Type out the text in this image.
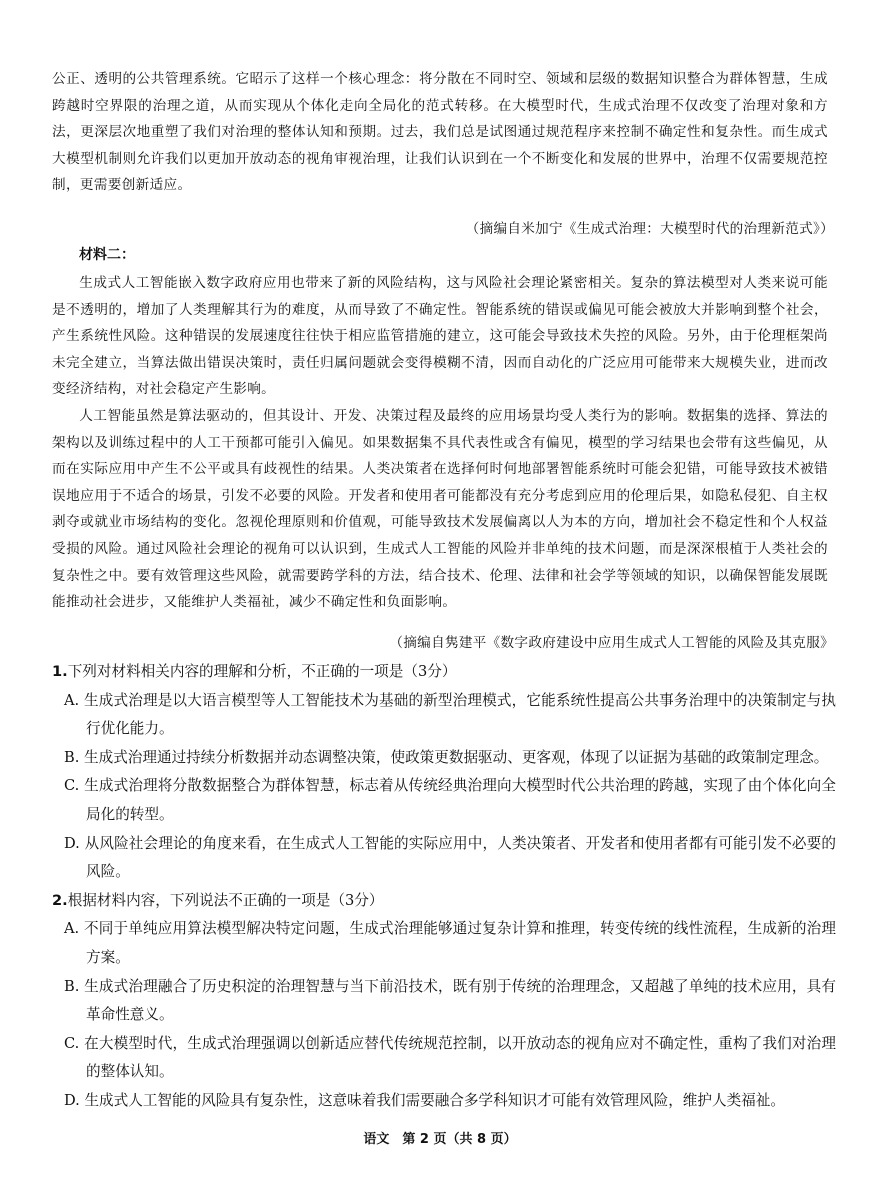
公正、透明的公共管理系统。它昭示了这样一个核心理念：将分散在不同时空、领域和层级的数据知识整合为群体智慧，生成跨越时空界限的治理之道，从而实现从个体化走向全局化的范式转移。在大模型时代，生成式治理不仅改变了治理对象和方法，更深层次地重塑了我们对治理的整体认知和预期。过去，我们总是试图通过规范程序来控制不确定性和复杂性。而生成式大模型机制则允许我们以更加开放动态的视角审视治理，让我们认识到在一个不断变化和发展的世界中，治理不仅需要规范控制，更需要创新适应。

（摘编自米加宁《生成式治理：大模型时代的治理新范式》）
材料二：

生成式人工智能嵌入数字政府应用也带来了新的风险结构，这与风险社会理论紧密相关。复杂的算法模型对人类来说可能是不透明的，增加了人类理解其行为的难度，从而导致了不确定性。智能系统的错误或偏见可能会被放大并影响到整个社会，产生系统性风险。这种错误的发展速度往往快于相应监管措施的建立，这可能会导致技术失控的风险。另外，由于伦理框架尚未完全建立，当算法做出错误决策时，责任归属问题就会变得模糊不清，因而自动化的广泛应用可能带来大规模失业，进而改变经济结构，对社会稳定产生影响。

人工智能虽然是算法驱动的，但其设计、开发、决策过程及最终的应用场景均受人类行为的影响。数据集的选择、算法的架构以及训练过程中的人工干预都可能引入偏见。如果数据集不具代表性或含有偏见，模型的学习结果也会带有这些偏见，从而在实际应用中产生不公平或具有歧视性的结果。人类决策者在选择何时何地部署智能系统时可能会犯错，可能导致技术被错误地应用于不适合的场景，引发不必要的风险。开发者和使用者可能都没有充分考虑到应用的伦理后果，如隐私侵犯、自主权剥夺或就业市场结构的变化。忽视伦理原则和价值观，可能导致技术发展偏离以人为本的方向，增加社会不稳定性和个人权益受损的风险。通过风险社会理论的视角可以认识到，生成式人工智能的风险并非单纯的技术问题，而是深深根植于人类社会的复杂性之中。要有效管理这些风险，就需要跨学科的方法，结合技术、伦理、法律和社会学等领域的知识，以确保智能发展既能推动社会进步，又能维护人类福祉，减少不确定性和负面影响。

（摘编自隽建平《数字政府建设中应用生成式人工智能的风险及其克服》

1.下列对材料相关内容的理解和分析，不正确的一项是（3分）

A. 生成式治理是以大语言模型等人工智能技术为基础的新型治理模式，它能系统性提高公共事务治理中的决策制定与执行优化能力。

B. 生成式治理通过持续分析数据并动态调整决策，使政策更数据驱动、更客观，体现了以证据为基础的政策制定理念。

C. 生成式治理将分散数据整合为群体智慧，标志着从传统经典治理向大模型时代公共治理的跨越，实现了由个体化向全局化的转型。

D. 从风险社会理论的角度来看，在生成式人工智能的实际应用中，人类决策者、开发者和使用者都有可能引发不必要的风险。

2.根据材料内容，下列说法不正确的一项是（3分）

A. 不同于单纯应用算法模型解决特定问题，生成式治理能够通过复杂计算和推理，转变传统的线性流程，生成新的治理方案。

B. 生成式治理融合了历史积淀的治理智慧与当下前沿技术，既有别于传统的治理理念，又超越了单纯的技术应用，具有革命性意义。

C. 在大模型时代，生成式治理强调以创新适应替代传统规范控制，以开放动态的视角应对不确定性，重构了我们对治理的整体认知。

D. 生成式人工智能的风险具有复杂性，这意味着我们需要融合多学科知识才可能有效管理风险，维护人类福祉。

语文　第 2 页（共 8 页）
